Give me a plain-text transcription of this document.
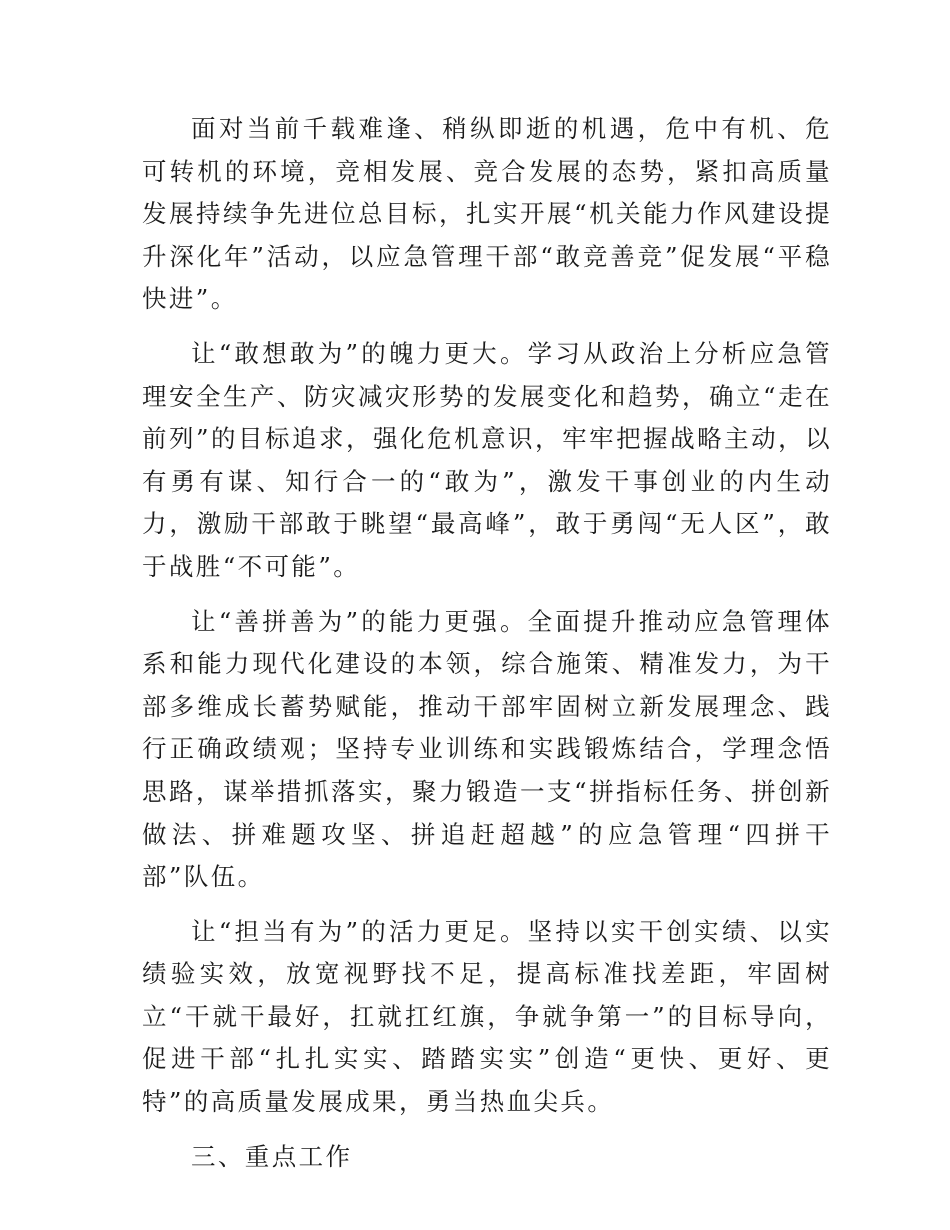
面对当前千载难逢、稍纵即逝的机遇，危中有机、危可转机的环境，竞相发展、竞合发展的态势，紧扣高质量发展持续争先进位总目标，扎实开展“机关能力作风建设提升深化年”活动，以应急管理干部“敢竞善竞”促发展“平稳快进”。

让“敢想敢为”的魄力更大。学习从政治上分析应急管理安全生产、防灾减灾形势的发展变化和趋势，确立“走在前列”的目标追求，强化危机意识，牢牢把握战略主动，以有勇有谋、知行合一的“敢为”，激发干事创业的内生动力，激励干部敢于眺望“最高峰”，敢于勇闯“无人区”，敢于战胜“不可能”。

让“善拼善为”的能力更强。全面提升推动应急管理体系和能力现代化建设的本领，综合施策、精准发力，为干部多维成长蓄势赋能，推动干部牢固树立新发展理念、践行正确政绩观；坚持专业训练和实践锻炼结合，学理念悟思路，谋举措抓落实，聚力锻造一支“拼指标任务、拼创新做法、拼难题攻坚、拼追赶超越”的应急管理“四拼干部”队伍。

让“担当有为”的活力更足。坚持以实干创实绩、以实绩验实效，放宽视野找不足，提高标准找差距，牢固树立“干就干最好，扛就扛红旗，争就争第一”的目标导向，促进干部“扎扎实实、踏踏实实”创造“更快、更好、更特”的高质量发展成果，勇当热血尖兵。

三、重点工作
